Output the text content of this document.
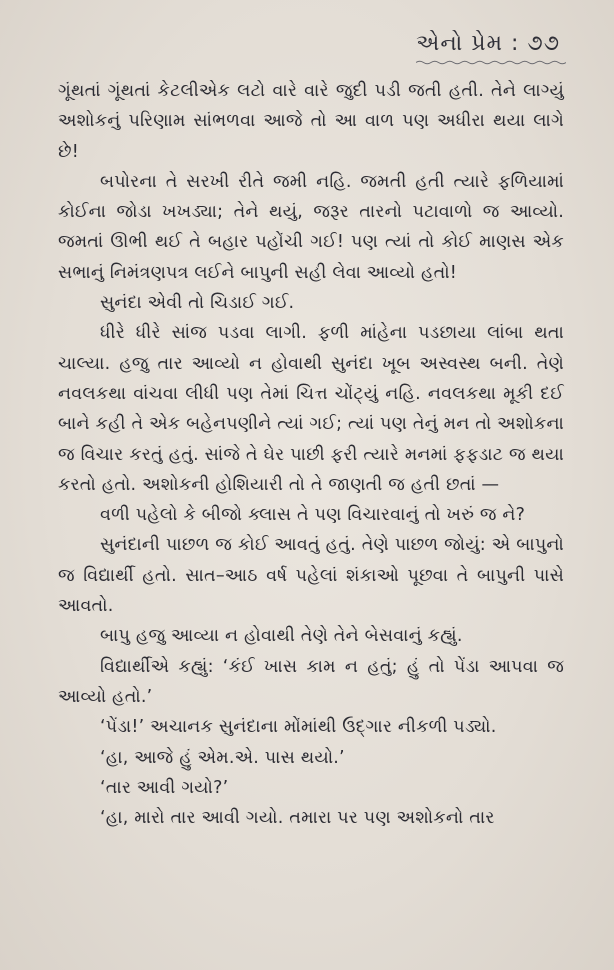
એનો પ્રેમ : ૭૭

ગૂંથતાં ગૂંથતાં કેટલીએક લટો વારે વારે જુદી પડી જતી હતી. તેને લાગ્યું અશોકનું પરિણામ સાંભળવા આજે તો આ વાળ પણ અધીરા થયા લાગે છે!

બપોરના તે સરખી રીતે જમી નહિ. જમતી હતી ત્યારે ફળિયામાં કોઈના જોડા ખખડ્યા; તેને થયું, જરૂર તારનો પટાવાળો જ આવ્યો. જમતાં ઊભી થઈ તે બહાર પહોંચી ગઈ! પણ ત્યાં તો કોઈ માણસ એક સભાનું નિમંત્રણપત્ર લઈને બાપુની સહી લેવા આવ્યો હતો!

સુનંદા એવી તો ચિડાઈ ગઈ.

ધીરે ધીરે સાંજ પડવા લાગી. ફળી માંહેના પડછાયા લાંબા થતા ચાલ્યા. હજુ તાર આવ્યો ન હોવાથી સુનંદા ખૂબ અસ્વસ્થ બની. તેણે નવલકથા વાંચવા લીધી પણ તેમાં ચિત્ત ચોંટ્યું નહિ. નવલકથા મૂકી દઈ બાને કહી તે એક બહેનપણીને ત્યાં ગઈ; ત્યાં પણ તેનું મન તો અશોકના જ વિચાર કરતું હતું. સાંજે તે ઘેર પાછી ફરી ત્યારે મનમાં ફફડાટ જ થયા કરતો હતો. અશોકની હોશિયારી તો તે જાણતી જ હતી છતાં —

વળી પહેલો કે બીજો ક્લાસ તે પણ વિચારવાનું તો ખરું જ ને?

સુનંદાની પાછળ જ કોઈ આવતું હતું. તેણે પાછળ જોયું: એ બાપુનો જ વિદ્યાર્થી હતો. સાત–આઠ વર્ષ પહેલાં શંકાઓ પૂછવા તે બાપુની પાસે આવતો.

બાપુ હજુ આવ્યા ન હોવાથી તેણે તેને બેસવાનું કહ્યું.

વિદ્યાર્થીએ કહ્યું: ‘કંઈ ખાસ કામ ન હતું; હું તો પેંડા આપવા જ આવ્યો હતો.’

‘પેંડા!’ અચાનક સુનંદાના મોંમાંથી ઉદ્ગાર નીકળી પડ્યો.

‘હા, આજે હું એમ.એ. પાસ થયો.’

‘તાર આવી ગયો?’

‘હા, મારો તાર આવી ગયો. તમારા પર પણ અશોકનો તાર
